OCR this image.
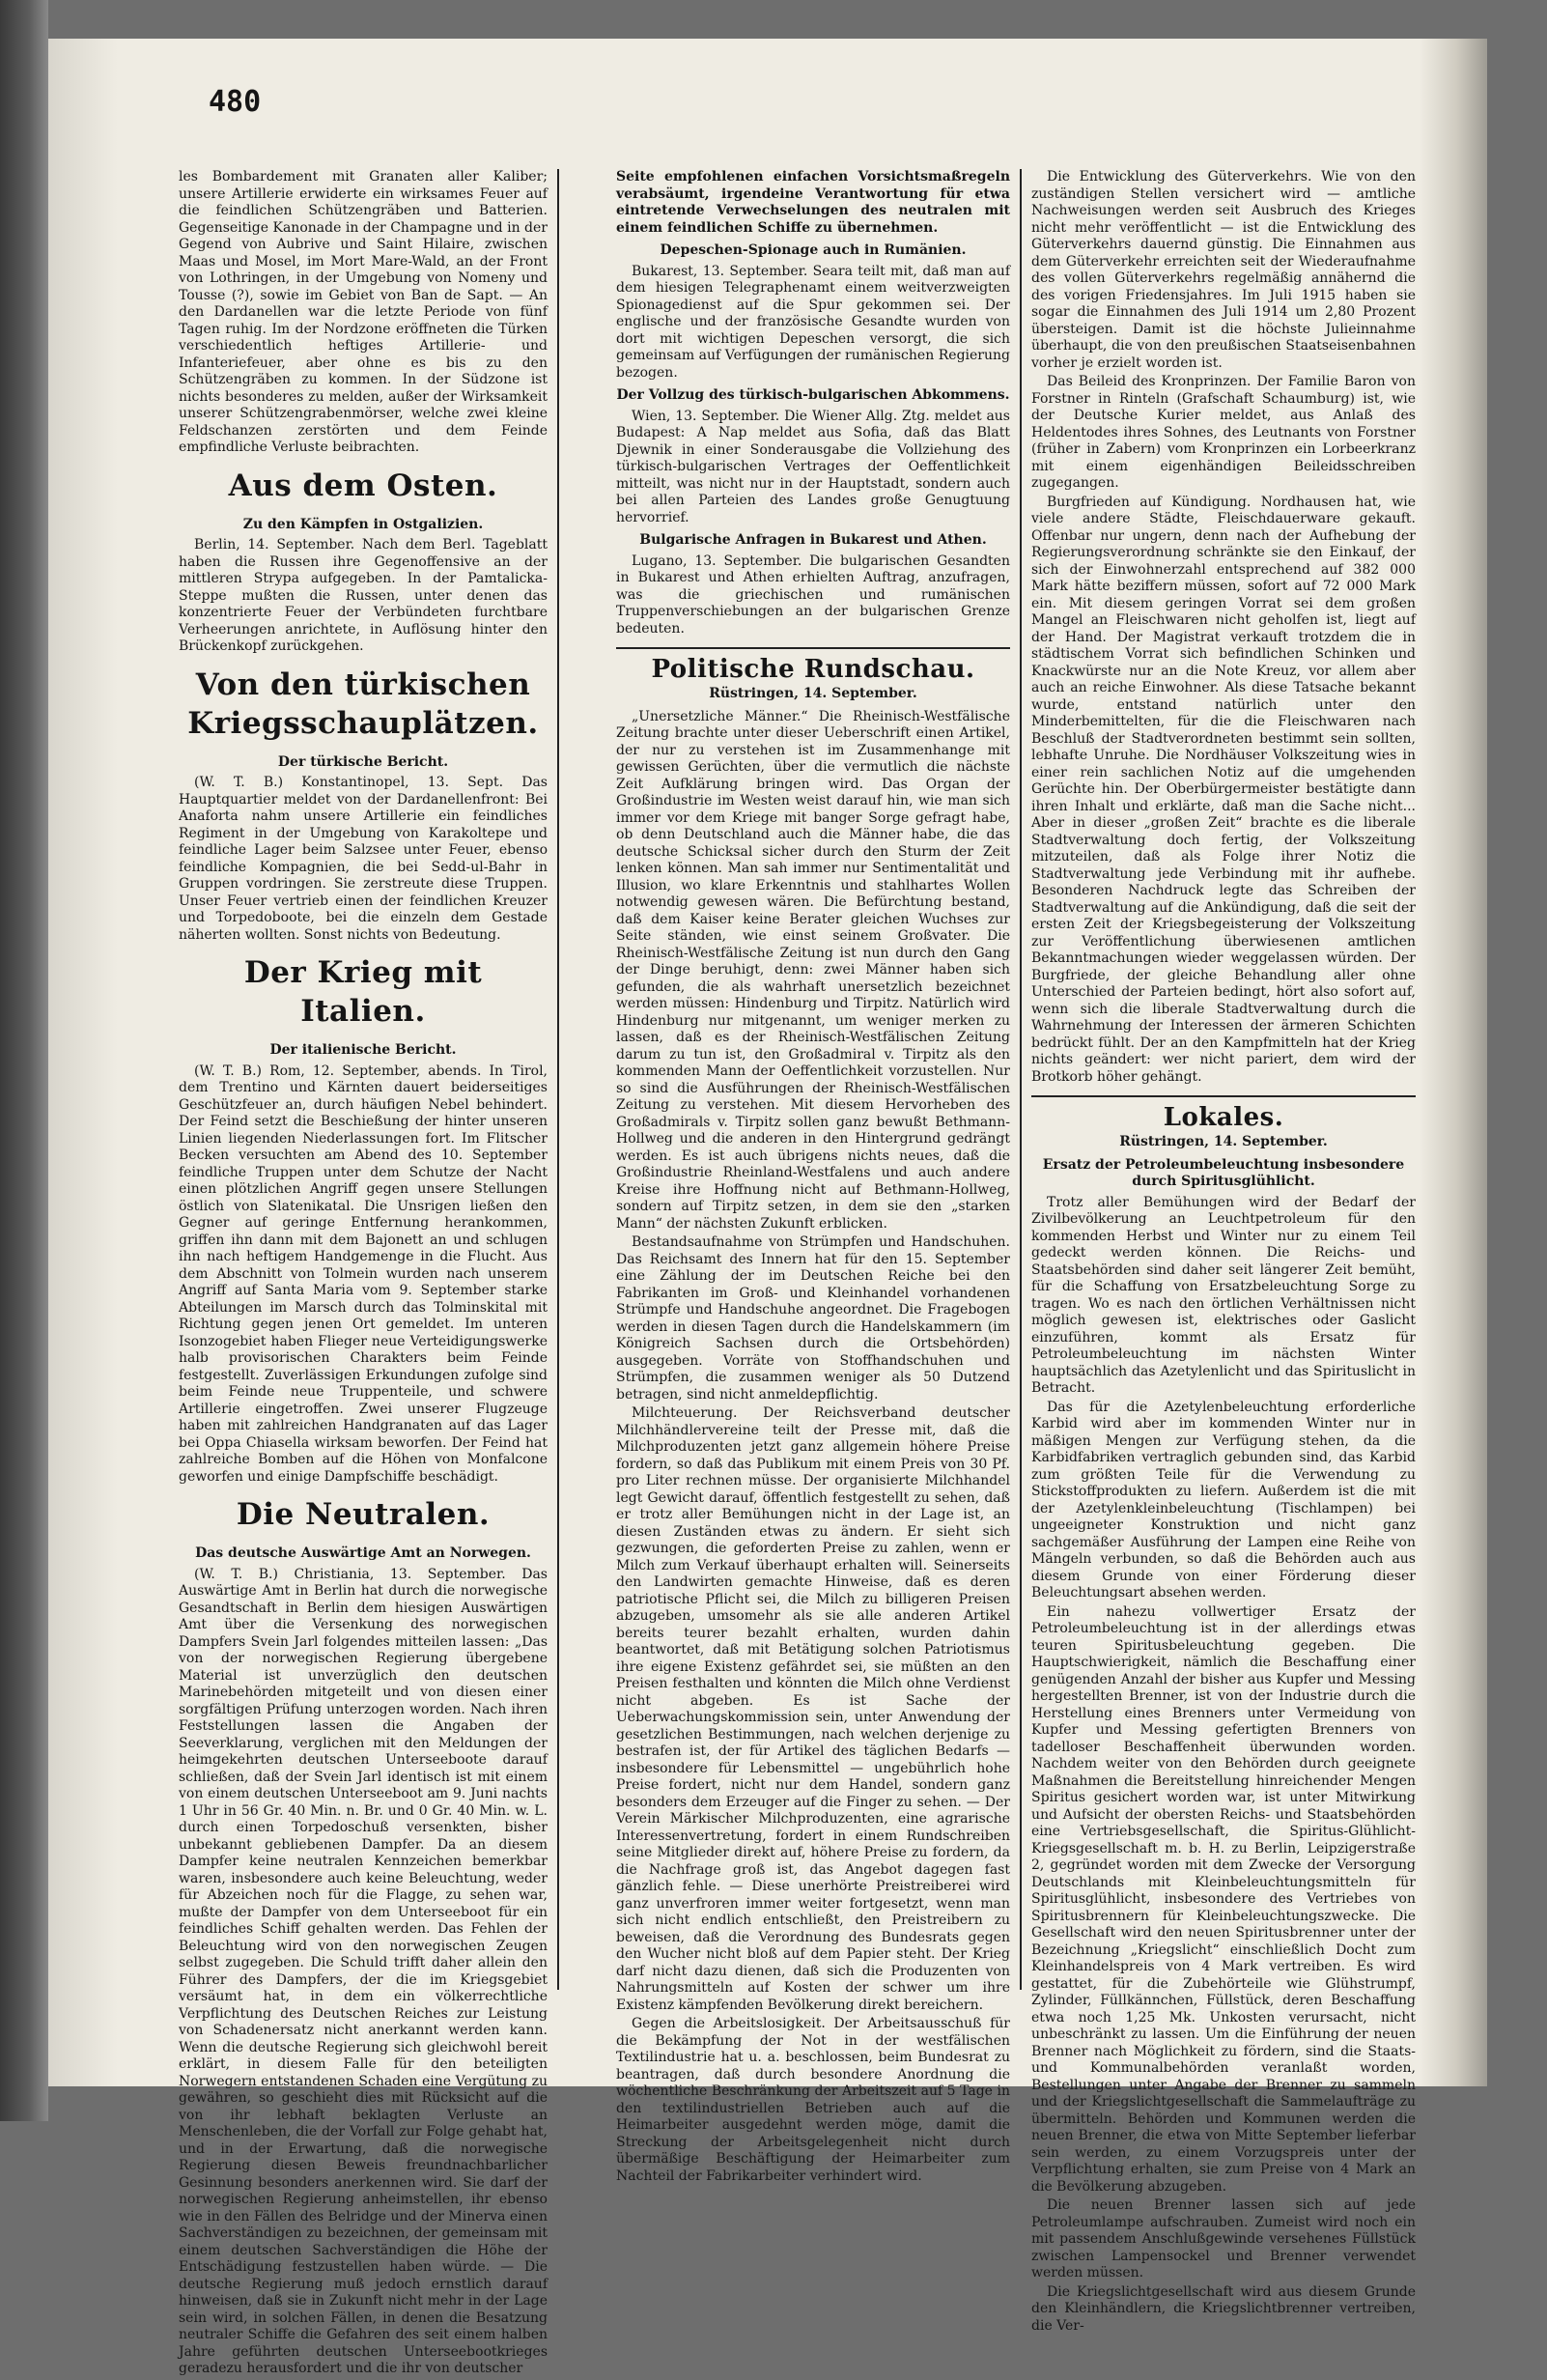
480

les Bombardement mit Granaten aller Kaliber; unsere Artillerie erwiderte ein wirksames Feuer auf die feindlichen Schützengräben und Batterien. Gegenseitige Kanonade in der Champagne und in der Gegend von Aubrive und Saint Hilaire, zwischen Maas und Mosel, im Mort Mare-Wald, an der Front von Lothringen, in der Umgebung von Nomeny und Tousse (?), sowie im Gebiet von Ban de Sapt. — An den Dardanellen war die letzte Periode von fünf Tagen ruhig. Im der Nordzone eröffneten die Türken verschiedentlich heftiges Artillerie- und Infanteriefeuer, aber ohne es bis zu den Schützengräben zu kommen. In der Südzone ist nichts besonderes zu melden, außer der Wirksamkeit unserer Schützengrabenmörser, welche zwei kleine Feldschanzen zerstörten und dem Feinde empfindliche Verluste beibrachten.

Aus dem Osten.
Zu den Kämpfen in Ostgalizien.

Berlin, 14. September. Nach dem Berl. Tageblatt haben die Russen ihre Gegenoffensive an der mittleren Strypa aufgegeben. In der Pamtalicka-Steppe mußten die Russen, unter denen das konzentrierte Feuer der Verbündeten furchtbare Verheerungen anrichtete, in Auflösung hinter den Brückenkopf zurückgehen.

Von den türkischen Kriegsschauplätzen.
Der türkische Bericht.

(W. T. B.) Konstantinopel, 13. Sept. Das Hauptquartier meldet von der Dardanellenfront: Bei Anaforta nahm unsere Artillerie ein feindliches Regiment in der Umgebung von Karakoltepe und feindliche Lager beim Salzsee unter Feuer, ebenso feindliche Kompagnien, die bei Sedd-ul-Bahr in Gruppen vordringen. Sie zerstreute diese Truppen. Unser Feuer vertrieb einen der feindlichen Kreuzer und Torpedoboote, bei die einzeln dem Gestade näherten wollten. Sonst nichts von Bedeutung.

Der Krieg mit Italien.
Der italienische Bericht.

(W. T. B.) Rom, 12. September, abends. In Tirol, dem Trentino und Kärnten dauert beiderseitiges Geschützfeuer an, durch häufigen Nebel behindert. Der Feind setzt die Beschießung der hinter unseren Linien liegenden Niederlassungen fort. Im Flitscher Becken versuchten am Abend des 10. September feindliche Truppen unter dem Schutze der Nacht einen plötzlichen Angriff gegen unsere Stellungen östlich von Slatenikatal. Die Unsrigen ließen den Gegner auf geringe Entfernung herankommen, griffen ihn dann mit dem Bajonett an und schlugen ihn nach heftigem Handgemenge in die Flucht. Aus dem Abschnitt von Tolmein wurden nach unserem Angriff auf Santa Maria vom 9. September starke Abteilungen im Marsch durch das Tolminskital mit Richtung gegen jenen Ort gemeldet. Im unteren Isonzogebiet haben Flieger neue Verteidigungswerke halb provisorischen Charakters beim Feinde festgestellt. Zuverlässigen Erkundungen zufolge sind beim Feinde neue Truppenteile, und schwere Artillerie eingetroffen. Zwei unserer Flugzeuge haben mit zahlreichen Handgranaten auf das Lager bei Oppa Chiasella wirksam beworfen. Der Feind hat zahlreiche Bomben auf die Höhen von Monfalcone geworfen und einige Dampfschiffe beschädigt.

Die Neutralen.
Das deutsche Auswärtige Amt an Norwegen.

(W. T. B.) Christiania, 13. September. Das Auswärtige Amt in Berlin hat durch die norwegische Gesandtschaft in Berlin dem hiesigen Auswärtigen Amt über die Versenkung des norwegischen Dampfers Svein Jarl folgendes mitteilen lassen: „Das von der norwegischen Regierung übergebene Material ist unverzüglich den deutschen Marinebehörden mitgeteilt und von diesen einer sorgfältigen Prüfung unterzogen worden. Nach ihren Feststellungen lassen die Angaben der Seeverklarung, verglichen mit den Meldungen der heimgekehrten deutschen Unterseeboote darauf schließen, daß der Svein Jarl identisch ist mit einem von einem deutschen Unterseeboot am 9. Juni nachts 1 Uhr in 56 Gr. 40 Min. n. Br. und 0 Gr. 40 Min. w. L. durch einen Torpedoschuß versenkten, bisher unbekannt gebliebenen Dampfer. Da an diesem Dampfer keine neutralen Kennzeichen bemerkbar waren, insbesondere auch keine Beleuchtung, weder für Abzeichen noch für die Flagge, zu sehen war, mußte der Dampfer von dem Unterseeboot für ein feindliches Schiff gehalten werden. Das Fehlen der Beleuchtung wird von den norwegischen Zeugen selbst zugegeben. Die Schuld trifft daher allein den Führer des Dampfers, der die im Kriegsgebiet versäumt hat, in dem ein völkerrechtliche Verpflichtung des Deutschen Reiches zur Leistung von Schadenersatz nicht anerkannt werden kann. Wenn die deutsche Regierung sich gleichwohl bereit erklärt, in diesem Falle für den beteiligten Norwegern entstandenen Schaden eine Vergütung zu gewähren, so geschieht dies mit Rücksicht auf die von ihr lebhaft beklagten Verluste an Menschenleben, die der Vorfall zur Folge gehabt hat, und in der Erwartung, daß die norwegische Regierung diesen Beweis freundnachbarlicher Gesinnung besonders anerkennen wird. Sie darf der norwegischen Regierung anheimstellen, ihr ebenso wie in den Fällen des Belridge und der Minerva einen Sachverständigen zu bezeichnen, der gemeinsam mit einem deutschen Sachverständigen die Höhe der Entschädigung festzustellen haben würde. — Die deutsche Regierung muß jedoch ernstlich darauf hinweisen, daß sie in Zukunft nicht mehr in der Lage sein wird, in solchen Fällen, in denen die Besatzung neutraler Schiffe die Gefahren des seit einem halben Jahre geführten deutschen Unterseebootkrieges geradezu herausfordert und die ihr von deutscher

Seite empfohlenen einfachen Vorsichtsmaßregeln verabsäumt, irgendeine Verantwortung für etwa eintretende Verwechselungen des neutralen mit einem feindlichen Schiffe zu übernehmen.

Depeschen-Spionage auch in Rumänien.

Bukarest, 13. September. Seara teilt mit, daß man auf dem hiesigen Telegraphenamt einem weitverzweigten Spionagedienst auf die Spur gekommen sei. Der englische und der französische Gesandte wurden von dort mit wichtigen Depeschen versorgt, die sich gemeinsam auf Verfügungen der rumänischen Regierung bezogen.

Der Vollzug des türkisch-bulgarischen Abkommens.

Wien, 13. September. Die Wiener Allg. Ztg. meldet aus Budapest: A Nap meldet aus Sofia, daß das Blatt Djewnik in einer Sonderausgabe die Vollziehung des türkisch-bulgarischen Vertrages der Oeffentlichkeit mitteilt, was nicht nur in der Hauptstadt, sondern auch bei allen Parteien des Landes große Genugtuung hervorrief.

Bulgarische Anfragen in Bukarest und Athen.

Lugano, 13. September. Die bulgarischen Gesandten in Bukarest und Athen erhielten Auftrag, anzufragen, was die griechischen und rumänischen Truppenverschiebungen an der bulgarischen Grenze bedeuten.

Politische Rundschau.
Rüstringen, 14. September.

„Unersetzliche Männer.“ Die Rheinisch-Westfälische Zeitung brachte unter dieser Ueberschrift einen Artikel, der nur zu verstehen ist im Zusammenhange mit gewissen Gerüchten, über die vermutlich die nächste Zeit Aufklärung bringen wird. Das Organ der Großindustrie im Westen weist darauf hin, wie man sich immer vor dem Kriege mit banger Sorge gefragt habe, ob denn Deutschland auch die Männer habe, die das deutsche Schicksal sicher durch den Sturm der Zeit lenken können. Man sah immer nur Sentimentalität und Illusion, wo klare Erkenntnis und stahlhartes Wollen notwendig gewesen wären. Die Befürchtung bestand, daß dem Kaiser keine Berater gleichen Wuchses zur Seite ständen, wie einst seinem Großvater. Die Rheinisch-Westfälische Zeitung ist nun durch den Gang der Dinge beruhigt, denn: zwei Männer haben sich gefunden, die als wahrhaft unersetzlich bezeichnet werden müssen: Hindenburg und Tirpitz. Natürlich wird Hindenburg nur mitgenannt, um weniger merken zu lassen, daß es der Rheinisch-Westfälischen Zeitung darum zu tun ist, den Großadmiral v. Tirpitz als den kommenden Mann der Oeffentlichkeit vorzustellen. Nur so sind die Ausführungen der Rheinisch-Westfälischen Zeitung zu verstehen. Mit diesem Hervorheben des Großadmirals v. Tirpitz sollen ganz bewußt Bethmann-Hollweg und die anderen in den Hintergrund gedrängt werden. Es ist auch übrigens nichts neues, daß die Großindustrie Rheinland-Westfalens und auch andere Kreise ihre Hoffnung nicht auf Bethmann-Hollweg, sondern auf Tirpitz setzen, in dem sie den „starken Mann“ der nächsten Zukunft erblicken.

Bestandsaufnahme von Strümpfen und Handschuhen. Das Reichsamt des Innern hat für den 15. September eine Zählung der im Deutschen Reiche bei den Fabrikanten im Groß- und Kleinhandel vorhandenen Strümpfe und Handschuhe angeordnet. Die Fragebogen werden in diesen Tagen durch die Handelskammern (im Königreich Sachsen durch die Ortsbehörden) ausgegeben. Vorräte von Stoffhandschuhen und Strümpfen, die zusammen weniger als 50 Dutzend betragen, sind nicht anmeldepflichtig.

Milchteuerung. Der Reichsverband deutscher Milchhändlervereine teilt der Presse mit, daß die Milchproduzenten jetzt ganz allgemein höhere Preise fordern, so daß das Publikum mit einem Preis von 30 Pf. pro Liter rechnen müsse. Der organisierte Milchhandel legt Gewicht darauf, öffentlich festgestellt zu sehen, daß er trotz aller Bemühungen nicht in der Lage ist, an diesen Zuständen etwas zu ändern. Er sieht sich gezwungen, die geforderten Preise zu zahlen, wenn er Milch zum Verkauf überhaupt erhalten will. Seinerseits den Landwirten gemachte Hinweise, daß es deren patriotische Pflicht sei, die Milch zu billigeren Preisen abzugeben, umsomehr als sie alle anderen Artikel bereits teurer bezahlt erhalten, wurden dahin beantwortet, daß mit Betätigung solchen Patriotismus ihre eigene Existenz gefährdet sei, sie müßten an den Preisen festhalten und könnten die Milch ohne Verdienst nicht abgeben. Es ist Sache der Ueberwachungskommission sein, unter Anwendung der gesetzlichen Bestimmungen, nach welchen derjenige zu bestrafen ist, der für Artikel des täglichen Bedarfs — insbesondere für Lebensmittel — ungebührlich hohe Preise fordert, nicht nur dem Handel, sondern ganz besonders dem Erzeuger auf die Finger zu sehen. — Der Verein Märkischer Milchproduzenten, eine agrarische Interessenvertretung, fordert in einem Rundschreiben seine Mitglieder direkt auf, höhere Preise zu fordern, da die Nachfrage groß ist, das Angebot dagegen fast gänzlich fehle. — Diese unerhörte Preistreiberei wird ganz unverfroren immer weiter fortgesetzt, wenn man sich nicht endlich entschließt, den Preistreibern zu beweisen, daß die Verordnung des Bundesrats gegen den Wucher nicht bloß auf dem Papier steht. Der Krieg darf nicht dazu dienen, daß sich die Produzenten von Nahrungsmitteln auf Kosten der schwer um ihre Existenz kämpfenden Bevölkerung direkt bereichern.

Gegen die Arbeitslosigkeit. Der Arbeitsausschuß für die Bekämpfung der Not in der westfälischen Textilindustrie hat u. a. beschlossen, beim Bundesrat zu beantragen, daß durch besondere Anordnung die wöchentliche Beschränkung der Arbeitszeit auf 5 Tage in den textilindustriellen Betrieben auch auf die Heimarbeiter ausgedehnt werden möge, damit die Streckung der Arbeitsgelegenheit nicht durch übermäßige Beschäftigung der Heimarbeiter zum Nachteil der Fabrikarbeiter verhindert wird.

Die Entwicklung des Güterverkehrs. Wie von den zuständigen Stellen versichert wird — amtliche Nachweisungen werden seit Ausbruch des Krieges nicht mehr veröffentlicht — ist die Entwicklung des Güterverkehrs dauernd günstig. Die Einnahmen aus dem Güterverkehr erreichten seit der Wiederaufnahme des vollen Güterverkehrs regelmäßig annähernd die des vorigen Friedensjahres. Im Juli 1915 haben sie sogar die Einnahmen des Juli 1914 um 2,80 Prozent übersteigen. Damit ist die höchste Julieinnahme überhaupt, die von den preußischen Staatseisenbahnen vorher je erzielt worden ist.

Das Beileid des Kronprinzen. Der Familie Baron von Forstner in Rinteln (Grafschaft Schaumburg) ist, wie der Deutsche Kurier meldet, aus Anlaß des Heldentodes ihres Sohnes, des Leutnants von Forstner (früher in Zabern) vom Kronprinzen ein Lorbeerkranz mit einem eigenhändigen Beileidsschreiben zugegangen.

Burgfrieden auf Kündigung. Nordhausen hat, wie viele andere Städte, Fleischdauerware gekauft. Offenbar nur ungern, denn nach der Aufhebung der Regierungsverordnung schränkte sie den Einkauf, der sich der Einwohnerzahl entsprechend auf 382 000 Mark hätte beziffern müssen, sofort auf 72 000 Mark ein. Mit diesem geringen Vorrat sei dem großen Mangel an Fleischwaren nicht geholfen ist, liegt auf der Hand. Der Magistrat verkauft trotzdem die in städtischem Vorrat sich befindlichen Schinken und Knackwürste nur an die Note Kreuz, vor allem aber auch an reiche Einwohner. Als diese Tatsache bekannt wurde, entstand natürlich unter den Minderbemittelten, für die die Fleischwaren nach Beschluß der Stadtverordneten bestimmt sein sollten, lebhafte Unruhe. Die Nordhäuser Volkszeitung wies in einer rein sachlichen Notiz auf die umgehenden Gerüchte hin. Der Oberbürgermeister bestätigte dann ihren Inhalt und erklärte, daß man die Sache nicht... Aber in dieser „großen Zeit“ brachte es die liberale Stadtverwaltung doch fertig, der Volkszeitung mitzuteilen, daß als Folge ihrer Notiz die Stadtverwaltung jede Verbindung mit ihr aufhebe. Besonderen Nachdruck legte das Schreiben der Stadtverwaltung auf die Ankündigung, daß die seit der ersten Zeit der Kriegsbegeisterung der Volkszeitung zur Veröffentlichung überwiesenen amtlichen Bekanntmachungen wieder weggelassen würden. Der Burgfriede, der gleiche Behandlung aller ohne Unterschied der Parteien bedingt, hört also sofort auf, wenn sich die liberale Stadtverwaltung durch die Wahrnehmung der Interessen der ärmeren Schichten bedrückt fühlt. Der an den Kampfmitteln hat der Krieg nichts geändert: wer nicht pariert, dem wird der Brotkorb höher gehängt.

Lokales.
Rüstringen, 14. September.
Ersatz der Petroleumbeleuchtung insbesondere durch Spiritusglühlicht.

Trotz aller Bemühungen wird der Bedarf der Zivilbevölkerung an Leuchtpetroleum für den kommenden Herbst und Winter nur zu einem Teil gedeckt werden können. Die Reichs- und Staatsbehörden sind daher seit längerer Zeit bemüht, für die Schaffung von Ersatzbeleuchtung Sorge zu tragen. Wo es nach den örtlichen Verhältnissen nicht möglich gewesen ist, elektrisches oder Gaslicht einzuführen, kommt als Ersatz für Petroleumbeleuchtung im nächsten Winter hauptsächlich das Azetylenlicht und das Spirituslicht in Betracht.

Das für die Azetylenbeleuchtung erforderliche Karbid wird aber im kommenden Winter nur in mäßigen Mengen zur Verfügung stehen, da die Karbidfabriken vertraglich gebunden sind, das Karbid zum größten Teile für die Verwendung zu Stickstoffprodukten zu liefern. Außerdem ist die mit der Azetylenkleinbeleuchtung (Tischlampen) bei ungeeigneter Konstruktion und nicht ganz sachgemäßer Ausführung der Lampen eine Reihe von Mängeln verbunden, so daß die Behörden auch aus diesem Grunde von einer Förderung dieser Beleuchtungsart absehen werden.

Ein nahezu vollwertiger Ersatz der Petroleumbeleuchtung ist in der allerdings etwas teuren Spiritusbeleuchtung gegeben. Die Hauptschwierigkeit, nämlich die Beschaffung einer genügenden Anzahl der bisher aus Kupfer und Messing hergestellten Brenner, ist von der Industrie durch die Herstellung eines Brenners unter Vermeidung von Kupfer und Messing gefertigten Brenners von tadelloser Beschaffenheit überwunden worden. Nachdem weiter von den Behörden durch geeignete Maßnahmen die Bereitstellung hinreichender Mengen Spiritus gesichert worden war, ist unter Mitwirkung und Aufsicht der obersten Reichs- und Staatsbehörden eine Vertriebsgesellschaft, die Spiritus-Glühlicht-Kriegsgesellschaft m. b. H. zu Berlin, Leipzigerstraße 2, gegründet worden mit dem Zwecke der Versorgung Deutschlands mit Kleinbeleuchtungsmitteln für Spiritusglühlicht, insbesondere des Vertriebes von Spiritusbrennern für Kleinbeleuchtungszwecke. Die Gesellschaft wird den neuen Spiritusbrenner unter der Bezeichnung „Kriegslicht“ einschließlich Docht zum Kleinhandelspreis von 4 Mark vertreiben. Es wird gestattet, für die Zubehörteile wie Glühstrumpf, Zylinder, Füllkännchen, Füllstück, deren Beschaffung etwa noch 1,25 Mk. Unkosten verursacht, nicht unbeschränkt zu lassen. Um die Einführung der neuen Brenner nach Möglichkeit zu fördern, sind die Staats- und Kommunalbehörden veranlaßt worden, Bestellungen unter Angabe der Brenner zu sammeln und der Kriegslichtgesellschaft die Sammelaufträge zu übermitteln. Behörden und Kommunen werden die neuen Brenner, die etwa von Mitte September lieferbar sein werden, zu einem Vorzugspreis unter der Verpflichtung erhalten, sie zum Preise von 4 Mark an die Bevölkerung abzugeben.

Die neuen Brenner lassen sich auf jede Petroleumlampe aufschrauben. Zumeist wird noch ein mit passendem Anschlußgewinde versehenes Füllstück zwischen Lampensockel und Brenner verwendet werden müssen.

Die Kriegslichtgesellschaft wird aus diesem Grunde den Kleinhändlern, die Kriegslichtbrenner vertreiben, die Ver-
